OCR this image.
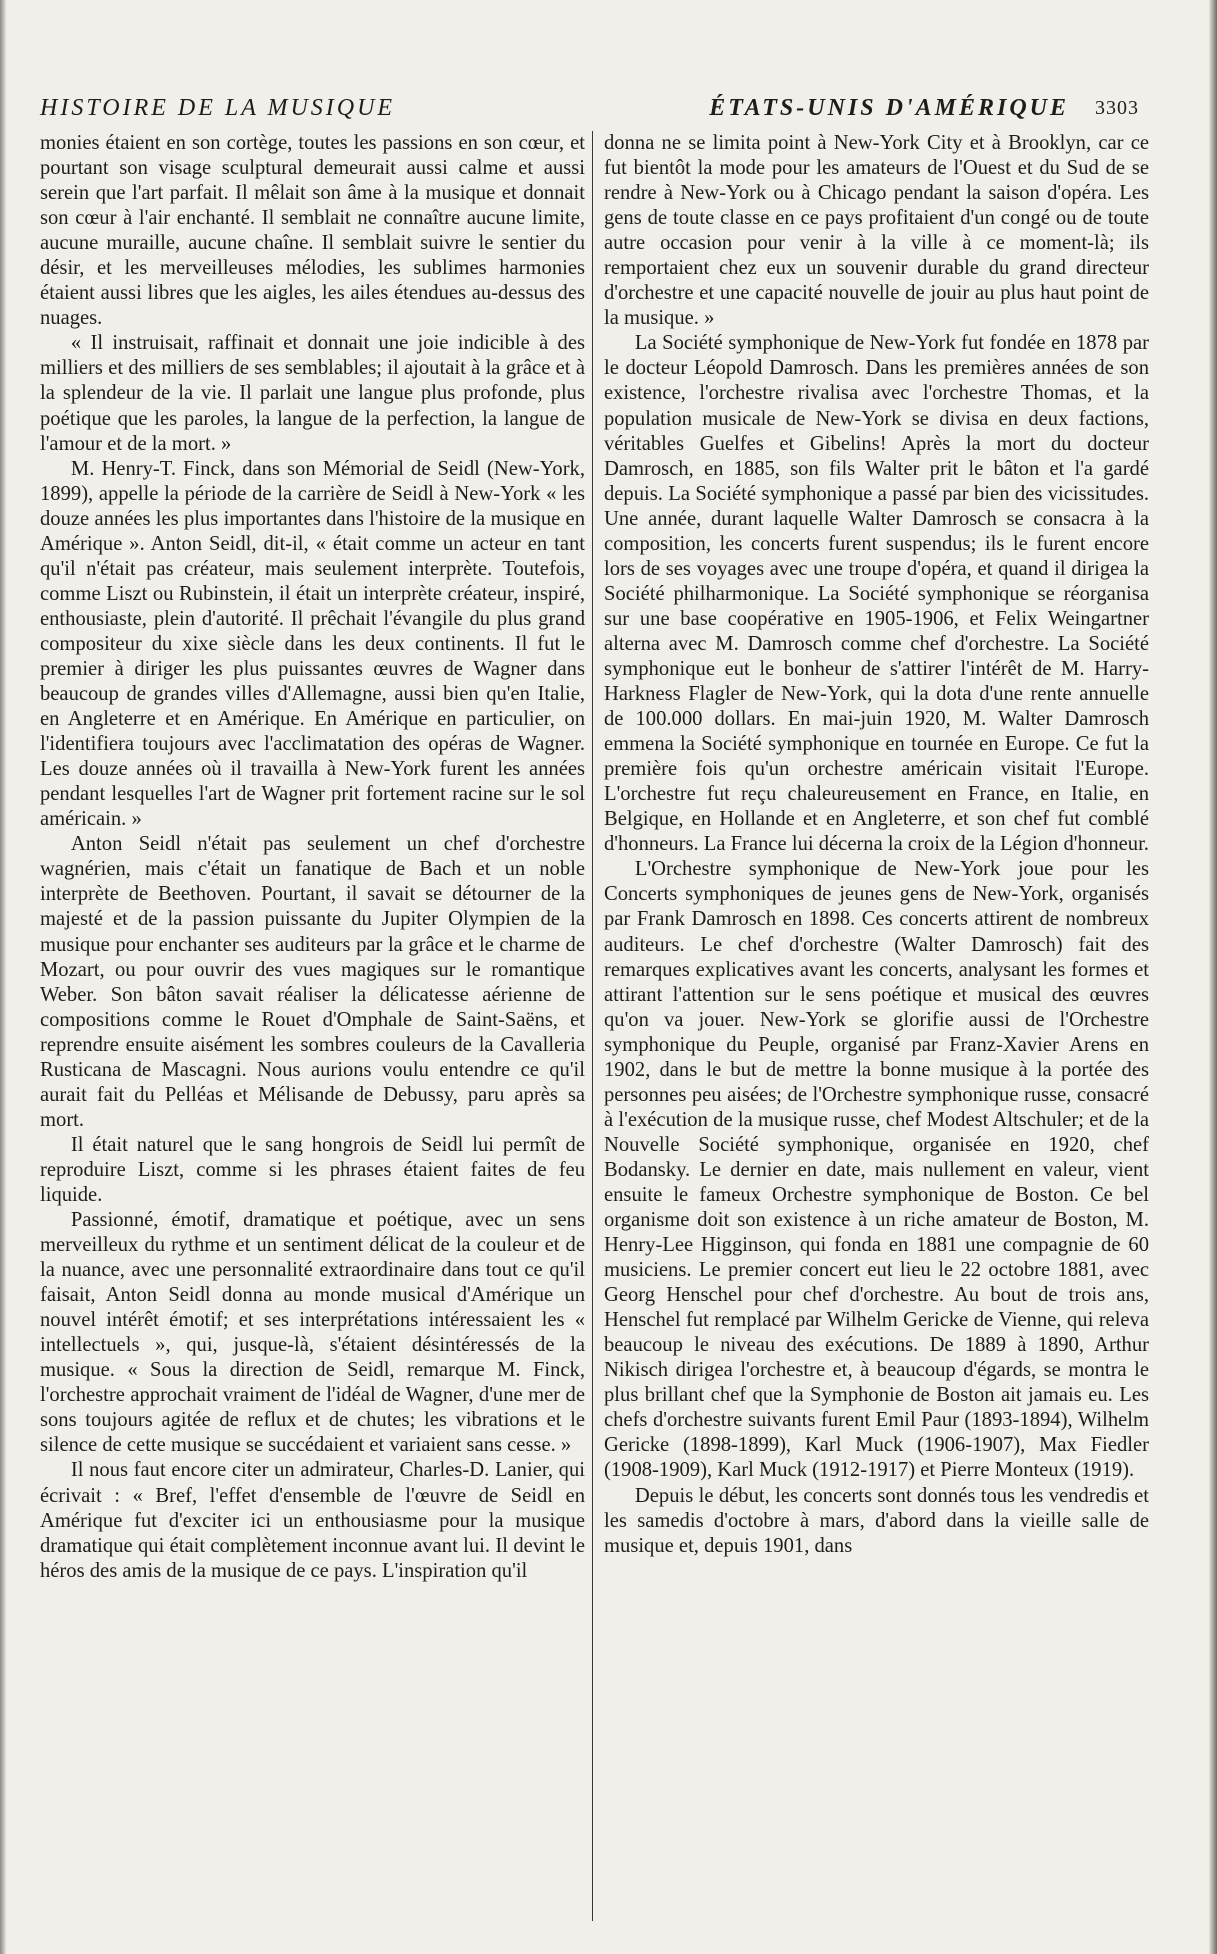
HISTOIRE DE LA MUSIQUE	ÉTATS-UNIS D'AMÉRIQUE 3303

monies étaient en son cortège, toutes les passions en son cœur, et pourtant son visage sculptural demeurait aussi calme et aussi serein que l'art parfait. Il mêlait son âme à la musique et donnait son cœur à l'air enchanté. Il semblait ne connaître aucune limite, aucune muraille, aucune chaîne. Il semblait suivre le sentier du désir, et les merveilleuses mélodies, les sublimes harmonies étaient aussi libres que les aigles, les ailes étendues au-dessus des nuages.

« Il instruisait, raffinait et donnait une joie indicible à des milliers et des milliers de ses semblables; il ajoutait à la grâce et à la splendeur de la vie. Il parlait une langue plus profonde, plus poétique que les paroles, la langue de la perfection, la langue de l'amour et de la mort. »

M. Henry-T. Finck, dans son Mémorial de Seidl (New-York, 1899), appelle la période de la carrière de Seidl à New-York « les douze années les plus importantes dans l'histoire de la musique en Amérique ». Anton Seidl, dit-il, « était comme un acteur en tant qu'il n'était pas créateur, mais seulement interprète. Toutefois, comme Liszt ou Rubinstein, il était un interprète créateur, inspiré, enthousiaste, plein d'autorité. Il prêchait l'évangile du plus grand compositeur du xixe siècle dans les deux continents. Il fut le premier à diriger les plus puissantes œuvres de Wagner dans beaucoup de grandes villes d'Allemagne, aussi bien qu'en Italie, en Angleterre et en Amérique. En Amérique en particulier, on l'identifiera toujours avec l'acclimatation des opéras de Wagner. Les douze années où il travailla à New-York furent les années pendant lesquelles l'art de Wagner prit fortement racine sur le sol américain. »

Anton Seidl n'était pas seulement un chef d'orchestre wagnérien, mais c'était un fanatique de Bach et un noble interprète de Beethoven. Pourtant, il savait se détourner de la majesté et de la passion puissante du Jupiter Olympien de la musique pour enchanter ses auditeurs par la grâce et le charme de Mozart, ou pour ouvrir des vues magiques sur le romantique Weber. Son bâton savait réaliser la délicatesse aérienne de compositions comme le Rouet d'Omphale de Saint-Saëns, et reprendre ensuite aisément les sombres couleurs de la Cavalleria Rusticana de Mascagni. Nous aurions voulu entendre ce qu'il aurait fait du Pelléas et Mélisande de Debussy, paru après sa mort.

Il était naturel que le sang hongrois de Seidl lui permît de reproduire Liszt, comme si les phrases étaient faites de feu liquide.

Passionné, émotif, dramatique et poétique, avec un sens merveilleux du rythme et un sentiment délicat de la couleur et de la nuance, avec une personnalité extraordinaire dans tout ce qu'il faisait, Anton Seidl donna au monde musical d'Amérique un nouvel intérêt émotif; et ses interprétations intéressaient les « intellectuels », qui, jusque-là, s'étaient désintéressés de la musique. « Sous la direction de Seidl, remarque M. Finck, l'orchestre approchait vraiment de l'idéal de Wagner, d'une mer de sons toujours agitée de reflux et de chutes; les vibrations et le silence de cette musique se succédaient et variaient sans cesse. »

Il nous faut encore citer un admirateur, Charles-D. Lanier, qui écrivait : « Bref, l'effet d'ensemble de l'œuvre de Seidl en Amérique fut d'exciter ici un enthousiasme pour la musique dramatique qui était complètement inconnue avant lui. Il devint le héros des amis de la musique de ce pays. L'inspiration qu'il

donna ne se limita point à New-York City et à Brooklyn, car ce fut bientôt la mode pour les amateurs de l'Ouest et du Sud de se rendre à New-York ou à Chicago pendant la saison d'opéra. Les gens de toute classe en ce pays profitaient d'un congé ou de toute autre occasion pour venir à la ville à ce moment-là; ils remportaient chez eux un souvenir durable du grand directeur d'orchestre et une capacité nouvelle de jouir au plus haut point de la musique. »

La Société symphonique de New-York fut fondée en 1878 par le docteur Léopold Damrosch. Dans les premières années de son existence, l'orchestre rivalisa avec l'orchestre Thomas, et la population musicale de New-York se divisa en deux factions, véritables Guelfes et Gibelins! Après la mort du docteur Damrosch, en 1885, son fils Walter prit le bâton et l'a gardé depuis. La Société symphonique a passé par bien des vicissitudes. Une année, durant laquelle Walter Damrosch se consacra à la composition, les concerts furent suspendus; ils le furent encore lors de ses voyages avec une troupe d'opéra, et quand il dirigea la Société philharmonique. La Société symphonique se réorganisa sur une base coopérative en 1905-1906, et Felix Weingartner alterna avec M. Damrosch comme chef d'orchestre. La Société symphonique eut le bonheur de s'attirer l'intérêt de M. Harry-Harkness Flagler de New-York, qui la dota d'une rente annuelle de 100.000 dollars. En mai-juin 1920, M. Walter Damrosch emmena la Société symphonique en tournée en Europe. Ce fut la première fois qu'un orchestre américain visitait l'Europe. L'orchestre fut reçu chaleureusement en France, en Italie, en Belgique, en Hollande et en Angleterre, et son chef fut comblé d'honneurs. La France lui décerna la croix de la Légion d'honneur.

L'Orchestre symphonique de New-York joue pour les Concerts symphoniques de jeunes gens de New-York, organisés par Frank Damrosch en 1898. Ces concerts attirent de nombreux auditeurs. Le chef d'orchestre (Walter Damrosch) fait des remarques explicatives avant les concerts, analysant les formes et attirant l'attention sur le sens poétique et musical des œuvres qu'on va jouer. New-York se glorifie aussi de l'Orchestre symphonique du Peuple, organisé par Franz-Xavier Arens en 1902, dans le but de mettre la bonne musique à la portée des personnes peu aisées; de l'Orchestre symphonique russe, consacré à l'exécution de la musique russe, chef Modest Altschuler; et de la Nouvelle Société symphonique, organisée en 1920, chef Bodansky. Le dernier en date, mais nullement en valeur, vient ensuite le fameux Orchestre symphonique de Boston. Ce bel organisme doit son existence à un riche amateur de Boston, M. Henry-Lee Higginson, qui fonda en 1881 une compagnie de 60 musiciens. Le premier concert eut lieu le 22 octobre 1881, avec Georg Henschel pour chef d'orchestre. Au bout de trois ans, Henschel fut remplacé par Wilhelm Gericke de Vienne, qui releva beaucoup le niveau des exécutions. De 1889 à 1890, Arthur Nikisch dirigea l'orchestre et, à beaucoup d'égards, se montra le plus brillant chef que la Symphonie de Boston ait jamais eu. Les chefs d'orchestre suivants furent Emil Paur (1893-1894), Wilhelm Gericke (1898-1899), Karl Muck (1906-1907), Max Fiedler (1908-1909), Karl Muck (1912-1917) et Pierre Monteux (1919).

Depuis le début, les concerts sont donnés tous les vendredis et les samedis d'octobre à mars, d'abord dans la vieille salle de musique et, depuis 1901, dans
